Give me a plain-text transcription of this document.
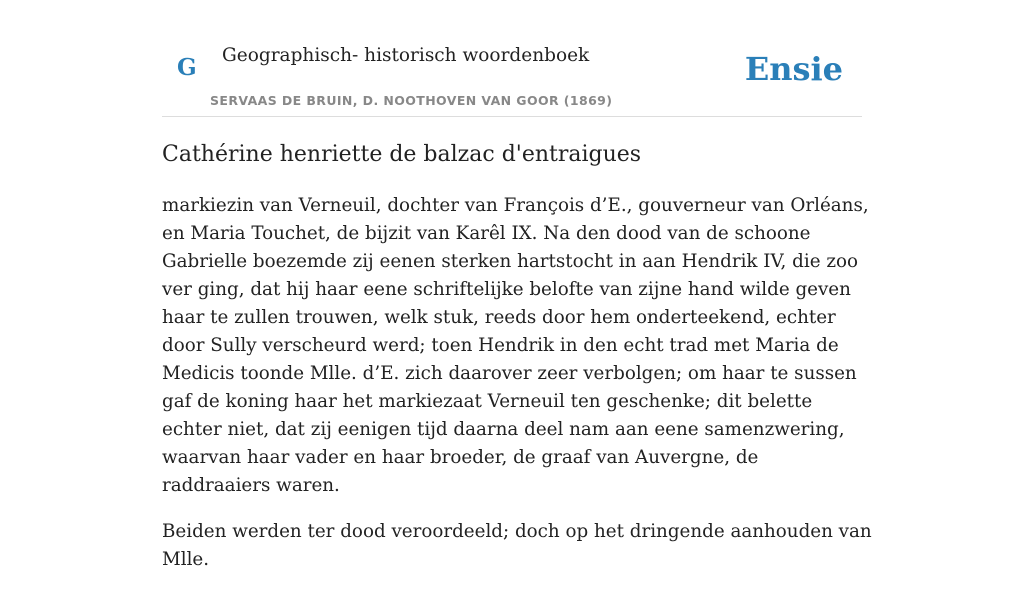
G Geographisch- historisch woordenboek
SERVAAS DE BRUIN, D. NOOTHOVEN VAN GOOR (1869)
Ensie
Cathérine henriette de balzac d'entraigues

markiezin van Verneuil, dochter van François d’E., gouverneur van Orléans, en Maria Touchet, de bijzit van Karêl IX. Na den dood van de schoone Gabrielle boezemde zij eenen sterken hartstocht in aan Hendrik IV, die zoo ver ging, dat hij haar eene schriftelijke belofte van zijne hand wilde geven haar te zullen trouwen, welk stuk, reeds door hem onderteekend, echter door Sully verscheurd werd; toen Hendrik in den echt trad met Maria de Medicis toonde Mlle. d’E. zich daarover zeer verbolgen; om haar te sussen gaf de koning haar het markiezaat Verneuil ten geschenke; dit belette echter niet, dat zij eenigen tijd daarna deel nam aan eene samenzwering, waarvan haar vader en haar broeder, de graaf van Auvergne, de raddraaiers waren.

Beiden werden ter dood veroordeeld; doch op het dringende aanhouden van Mlle.
